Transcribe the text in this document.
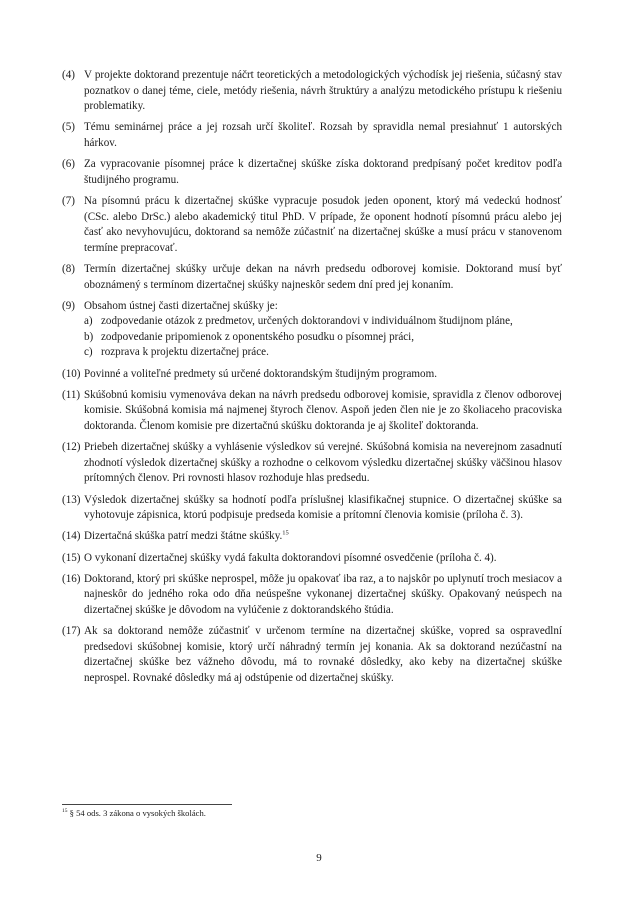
(4) V projekte doktorand prezentuje náčrt teoretických a metodologických východísk jej riešenia, súčasný stav poznatkov o danej téme, ciele, metódy riešenia, návrh štruktúry a analýzu metodického prístupu k riešeniu problematiky.
(5) Tému seminárnej práce a jej rozsah určí školiteľ. Rozsah by spravidla nemal presiahnuť 1 autorských hárkov.
(6) Za vypracovanie písomnej práce k dizertačnej skúške získa doktorand predpísaný počet kreditov podľa študijného programu.
(7) Na písomnú prácu k dizertačnej skúške vypracuje posudok jeden oponent, ktorý má vedeckú hodnosť (CSc. alebo DrSc.) alebo akademický titul PhD. V prípade, že oponent hodnotí písomnú prácu alebo jej časť ako nevyhovujúcu, doktorand sa nemôže zúčastniť na dizertačnej skúške a musí prácu v stanovenom termíne prepracovať.
(8) Termín dizertačnej skúšky určuje dekan na návrh predsedu odborovej komisie. Doktorand musí byť oboznámený s termínom dizertačnej skúšky najneskôr sedem dní pred jej konaním.
(9) Obsahom ústnej časti dizertačnej skúšky je:
a) zodpovedanie otázok z predmetov, určených doktorandovi v individuálnom študijnom pláne,
b) zodpovedanie pripomienok z oponentského posudku o písomnej práci,
c) rozprava k projektu dizertačnej práce.
(10) Povinné a voliteľné predmety sú určené doktorandským študijným programom.
(11) Skúšobnú komisiu vymenováva dekan na návrh predsedu odborovej komisie, spravidla z členov odborovej komisie. Skúšobná komisia má najmenej štyroch členov. Aspoň jeden člen nie je zo školiaceho pracoviska doktoranda. Členom komisie pre dizertačnú skúšku doktoranda je aj školiteľ doktoranda.
(12) Priebeh dizertačnej skúšky a vyhlásenie výsledkov sú verejné. Skúšobná komisia na neverejnom zasadnutí zhodnotí výsledok dizertačnej skúšky a rozhodne o celkovom výsledku dizertačnej skúšky väčšinou hlasov prítomných členov. Pri rovnosti hlasov rozhoduje hlas predsedu.
(13) Výsledok dizertačnej skúšky sa hodnotí podľa príslušnej klasifikačnej stupnice. O dizertačnej skúške sa vyhotovuje zápisnica, ktorú podpisuje predseda komisie a prítomní členovia komisie (príloha č. 3).
(14) Dizertačná skúška patrí medzi štátne skúšky.$^{15}$
(15) O vykonaní dizertačnej skúšky vydá fakulta doktorandovi písomné osvedčenie (príloha č. 4).
(16) Doktorand, ktorý pri skúške neprospel, môže ju opakovať iba raz, a to najskôr po uplynutí troch mesiacov a najneskôr do jedného roka odo dňa neúspešne vykonanej dizertačnej skúšky. Opakovaný neúspech na dizertačnej skúške je dôvodom na vylúčenie z doktorandského štúdia.
(17) Ak sa doktorand nemôže zúčastniť v určenom termíne na dizertačnej skúške, vopred sa ospravedlní predsedovi skúšobnej komisie, ktorý určí náhradný termín jej konania. Ak sa doktorand nezúčastní na dizertačnej skúške bez vážneho dôvodu, má to rovnaké dôsledky, ako keby na dizertačnej skúške neprospel. Rovnaké dôsledky má aj odstúpenie od dizertačnej skúšky.
$^{15}$ § 54 ods. 3 zákona o vysokých školách.
9
